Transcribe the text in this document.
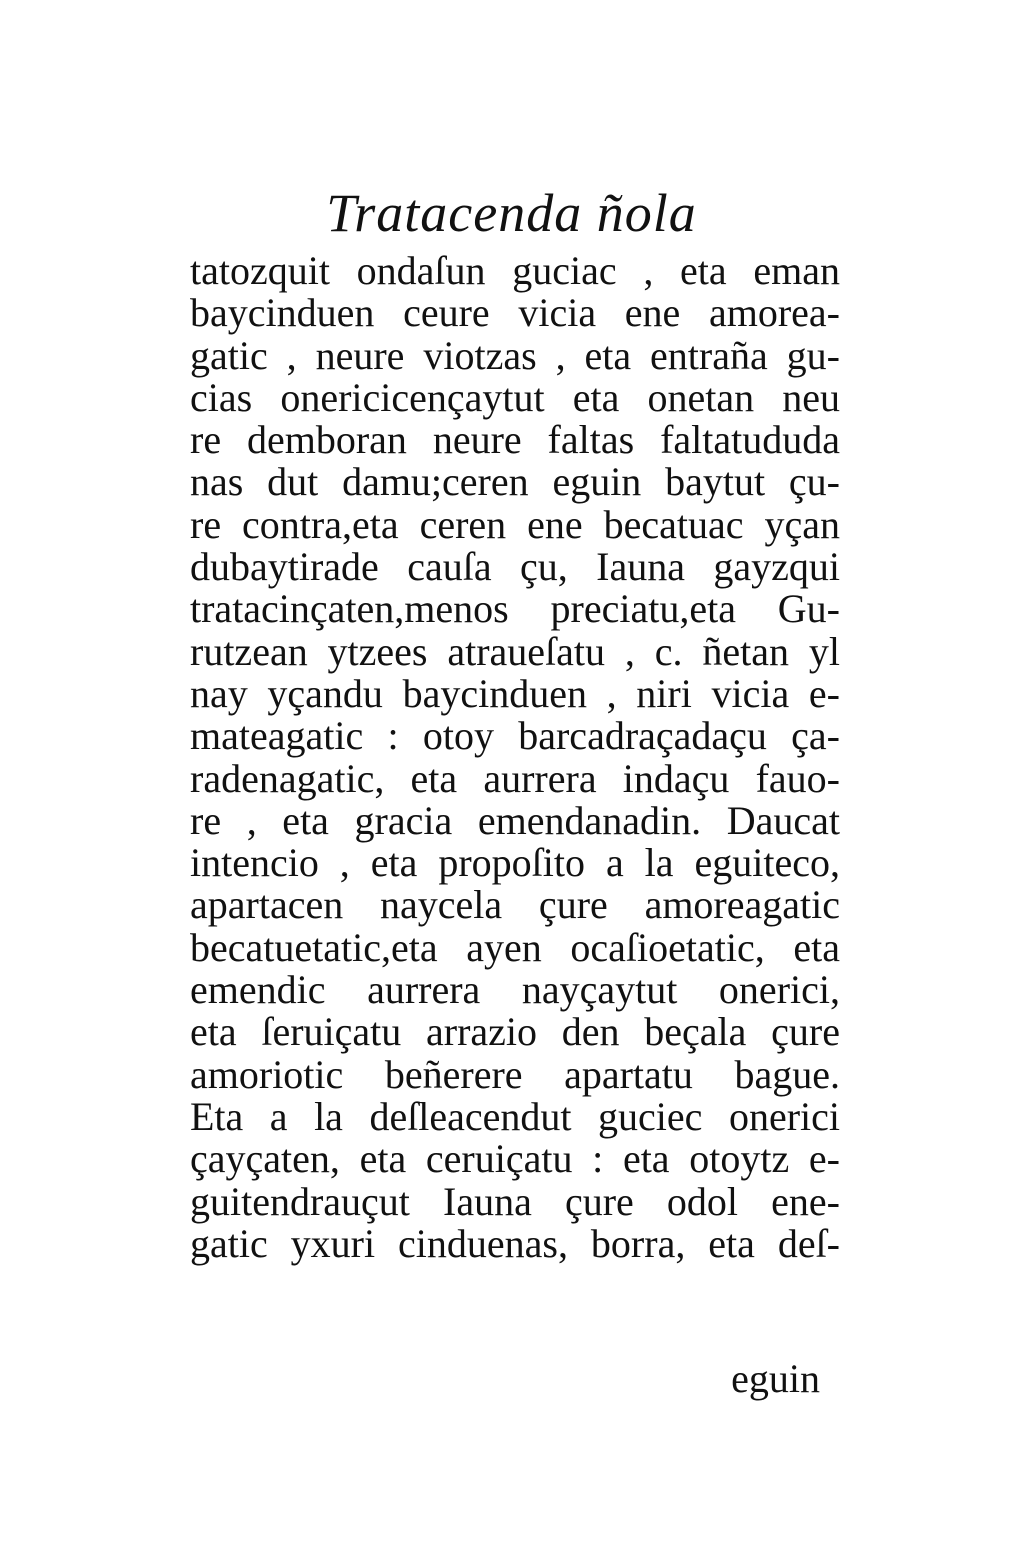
Tratacenda ñola
tatozquit ondaſun guciac , eta eman
baycinduen ceure vicia ene amorea-
gatic , neure viotzas , eta entraña gu-
cias onericicençaytut eta onetan neu
re demboran neure faltas faltatududa
nas dut damu;ceren eguin baytut çu-
re contra,eta ceren ene becatuac yçan
dubaytirade cauſa çu, Iauna gayzqui
tratacinçaten,menos preciatu,eta Gu-
rutzean ytzees atraueſatu , c. ñetan yl
nay yçandu baycinduen , niri vicia e-
mateagatic : otoy barcadraçadaçu ça-
radenagatic, eta aurrera indaçu fauo-
re , eta gracia emendanadin. Daucat
intencio , eta propoſito a la eguiteco,
apartacen naycela çure amoreagatic
becatuetatic,eta ayen ocaſioetatic, eta
emendic aurrera nayçaytut onerici,
eta ſeruiçatu arrazio den beçala çure
amoriotic beñerere apartatu bague.
Eta a la deſleacendut guciec onerici
çayçaten, eta ceruiçatu : eta otoytz e-
guitendrauçut Iauna çure odol ene-
gatic yxuri cinduenas, borra, eta deſ-
eguin
